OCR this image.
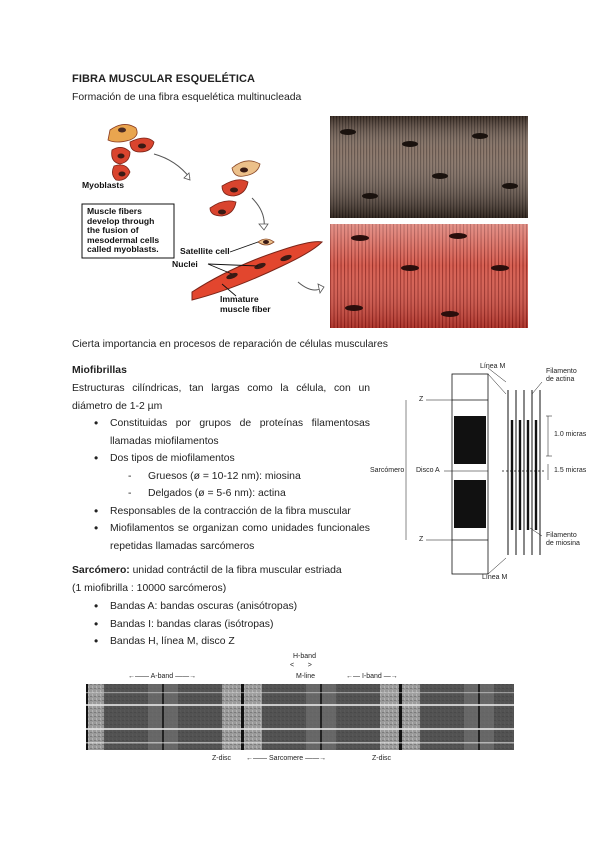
FIBRA MUSCULAR ESQUELÉTICA
Formación de una fibra esquelética multinucleada
Myoblasts
Muscle fibers
develop through
the fusion of
mesodermal cells
called myoblasts. Satellite cell
Nuclei
Immature
muscle fiber
Cierta importancia en procesos de reparación de células musculares
Miofibrillas
Estructuras cilíndricas, tan largas como la célula, con un diámetro de 1-2 µm
• Constituidas por grupos de proteínas filamentosas llamadas miofilamentos
• Dos tipos de miofilamentos
- Gruesos (ø = 10-12 nm): miosina
- Delgados (ø = 5-6 nm): actina
• Responsables de la contracción de la fibra muscular
• Miofilamentos se organizan como unidades funcionales repetidas llamadas sarcómeros
Línea M
Filamento
de actina
Z
1.0 micras
Sarcómero Disco A	1.5 micras
Filamento
de miosina
Z
Línea M
Sarcómero: unidad contráctil de la fibra muscular estriada
(1 miofibrilla : 10000 sarcómeros)
• Bandas A: bandas oscuras (anisótropas)
• Bandas I: bandas claras (isótropas)
• Bandas H, línea M, disco Z
H-band
<       >
←—— A-band ——→	M-line	←— I-band —→
Z-disc ←—— Sarcomere ——→	Z-disc
